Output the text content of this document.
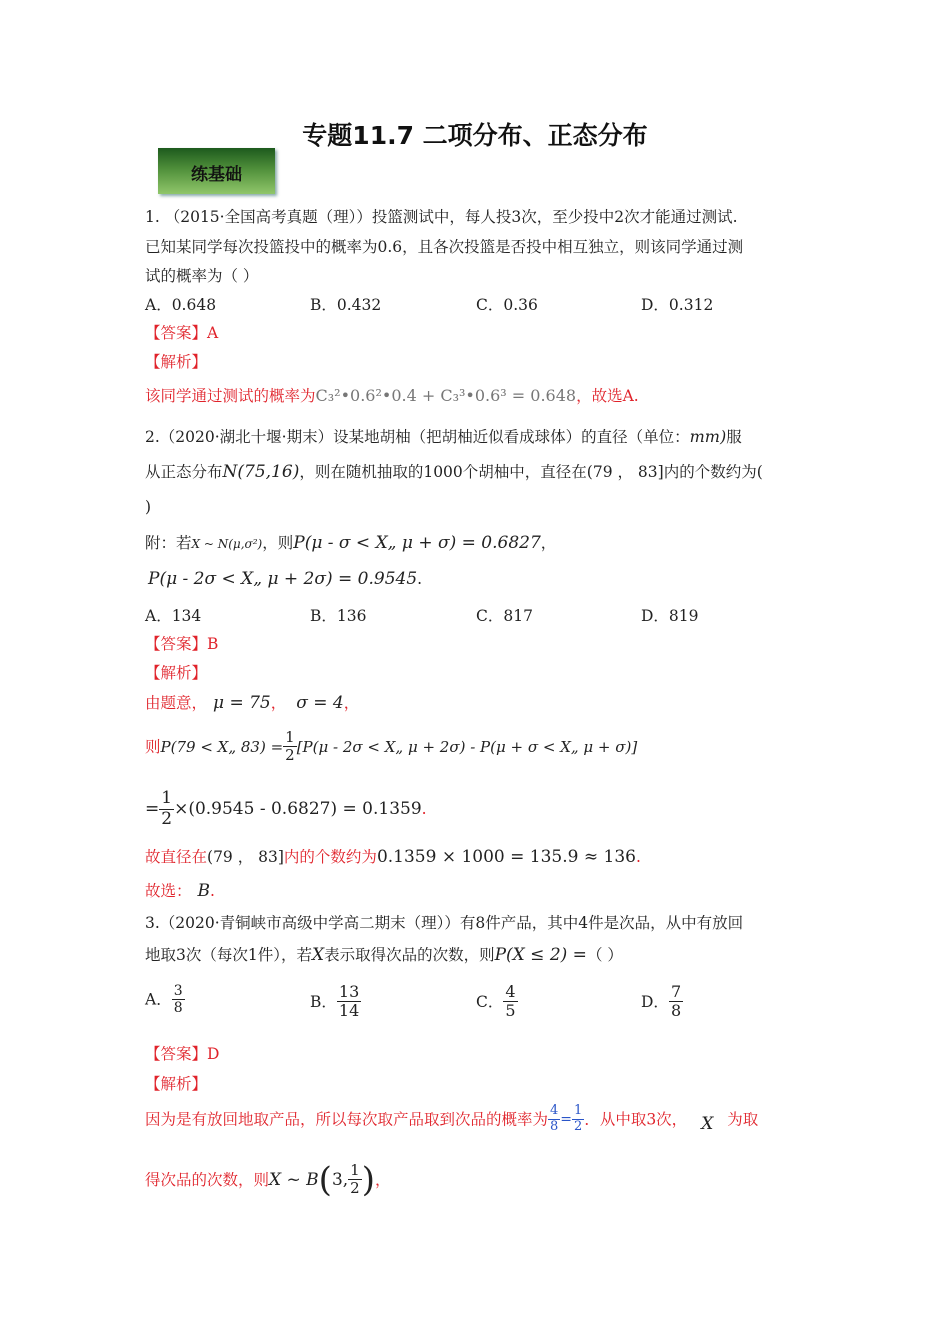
专题11.7 二项分布、正态分布
练基础
1. （2015·全国高考真题（理））投篮测试中，每人投3次，至少投中2次才能通过测试.
已知某同学每次投篮投中的概率为0.6，且各次投篮是否投中相互独立，则该同学通过测
试的概率为（ ）
A．0.648	B．0.432	C．0.36	D．0.312
【答案】A
【解析】
该同学通过测试的概率为C₃²•0.6²•0.4 + C₃³•0.6³ = 0.648，故选A.
2.（2020·湖北十堰·期末）设某地胡柚（把胡柚近似看成球体）的直径（单位：mm)服
从正态分布N(75,16)，则在随机抽取的1000个胡柚中，直径在(79 ， 83]内的个数约为(
)
附：若X ~ N(μ,σ²)，则P(μ - σ < X„ μ + σ) = 0.6827，
P(μ - 2σ < X„ μ + 2σ) = 0.9545.
A．134	B．136	C．817	D．819
【答案】B
【解析】
由题意， μ = 75， σ = 4，
则P(79 < X„ $83) = \frac{1}{2} [P(\mu - 2\sigma$ < X„ μ + 2σ) - P(μ + σ < X„ μ + σ)]
= $\frac{1}{2} \times(0.9545 - 0.6827) = 0.1359$.
故直径在(79 ， 83]内的个数约为0.1359 × 1000 = 135.9 ≈ 136.
故选： B.
3.（2020·青铜峡市高级中学高二期末（理））有8件产品，其中4件是次品，从中有放回
地取3次（每次1件），若X表示取得次品的次数，则P(X ≤ 2) =（ ）
A． $\frac{3}{8}$	B． $\frac{13}{14}$	C． $\frac{4}{5}$	D． $\frac{7}{8}$
【答案】D
【解析】
因为是有放回地取产品，所以每次取产品取到次品的概率为 $\frac{4}{8} = \frac{1}{2}$ ．从中取3次， X 为取
得次品的次数，则X ~ B(3, $\frac{1}{2}$ )，
